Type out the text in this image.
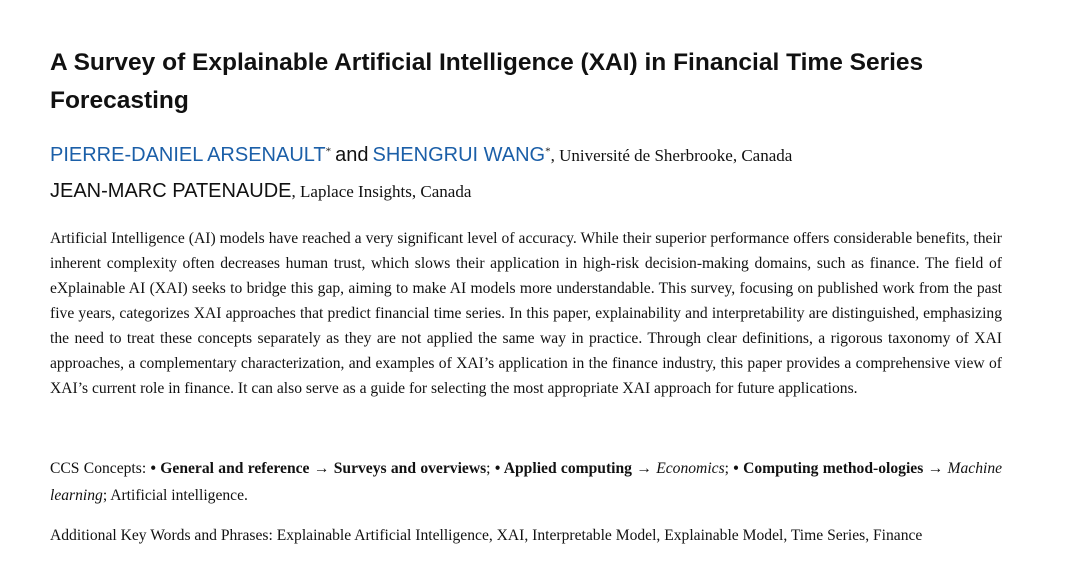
A Survey of Explainable Artificial Intelligence (XAI) in Financial Time Series Forecasting
PIERRE-DANIEL ARSENAULT* and SHENGRUI WANG*, Université de Sherbrooke, Canada
JEAN-MARC PATENAUDE, Laplace Insights, Canada

Artificial Intelligence (AI) models have reached a very significant level of accuracy. While their superior performance offers considerable benefits, their inherent complexity often decreases human trust, which slows their application in high-risk decision-making domains, such as finance. The field of eXplainable AI (XAI) seeks to bridge this gap, aiming to make AI models more understandable. This survey, focusing on published work from the past five years, categorizes XAI approaches that predict financial time series. In this paper, explainability and interpretability are distinguished, emphasizing the need to treat these concepts separately as they are not applied the same way in practice. Through clear definitions, a rigorous taxonomy of XAI approaches, a complementary characterization, and examples of XAI’s application in the finance industry, this paper provides a comprehensive view of XAI’s current role in finance. It can also serve as a guide for selecting the most appropriate XAI approach for future applications.

CCS Concepts: • General and reference → Surveys and overviews; • Applied computing → Economics; • Computing method-ologies → Machine learning; Artificial intelligence.

Additional Key Words and Phrases: Explainable Artificial Intelligence, XAI, Interpretable Model, Explainable Model, Time Series, Finance
